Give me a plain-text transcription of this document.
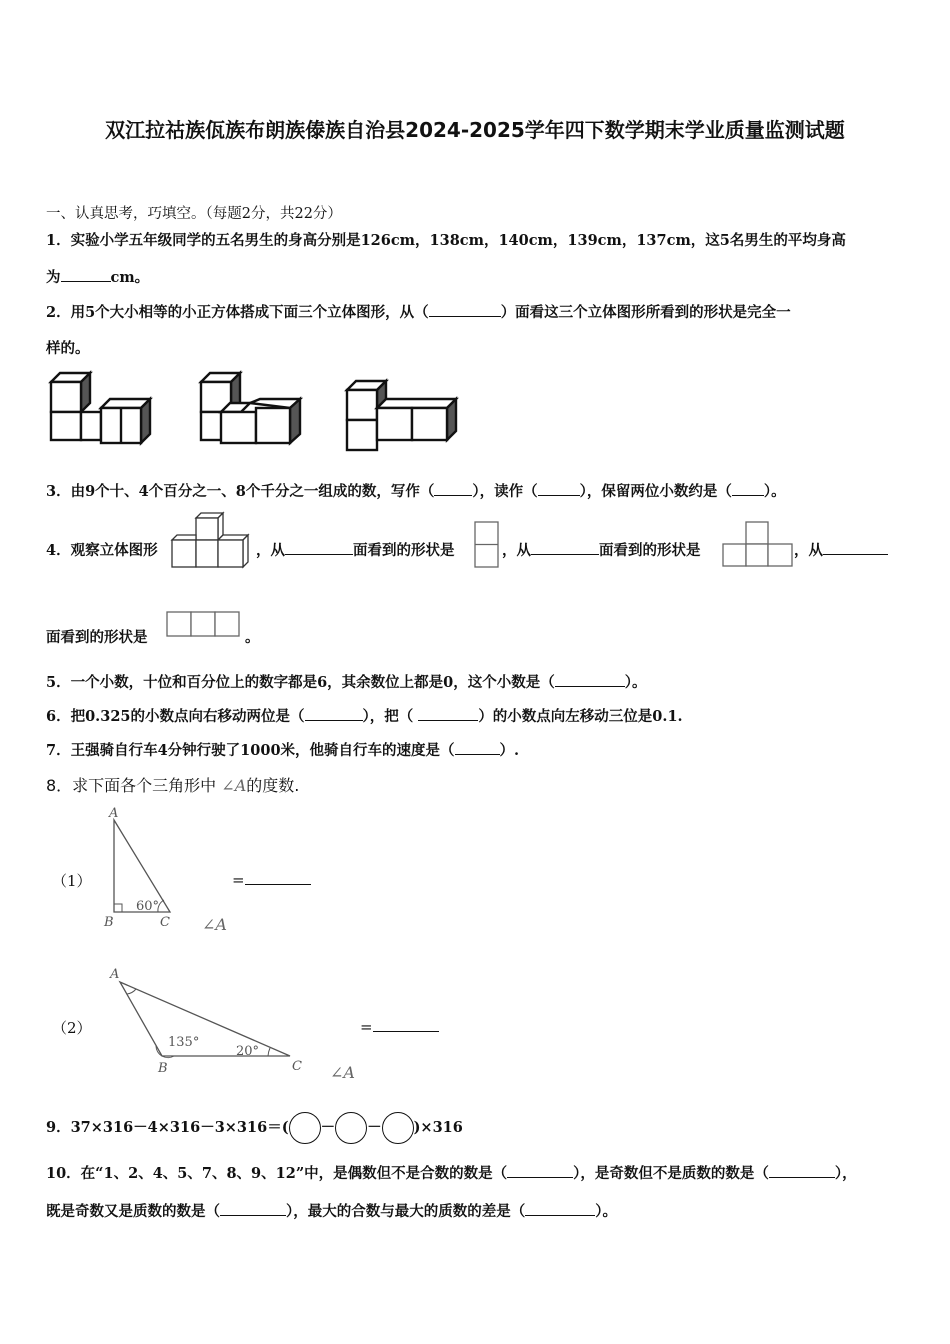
双江拉祜族佤族布朗族傣族自治县2024-2025学年四下数学期末学业质量监测试题
一、认真思考，巧填空。（每题2分，共22分）
1．实验小学五年级同学的五名男生的身高分别是126cm，138cm，140cm，139cm，137cm，这5名男生的平均身高
为	cm。
2．用5个大小相等的小正方体搭成下面三个立体图形，从（	）面看这三个立体图形所看到的形状是完全一
样的。
3．由9个十、4个百分之一、8个千分之一组成的数，写作（	），读作（	），保留两位小数约是（ ）。
4．观察立体图形	，从	面看到的形状是	，从	面看到的形状是	，从
面看到的形状是	。
5．一个小数，十位和百分位上的数字都是6，其余数位上都是0，这个小数是（	）。
6．把0.325的小数点向右移动两位是（	），把（	）的小数点向左移动三位是0.1.
7．王强骑自行车4分钟行驶了1000米，他骑自行车的速度是（	）.
8．求下面各个三角形中 ∠A的度数.
（1）
A
B	C
60°
=
∠A
（2）
A
B	C
135°
20°
=
∠A
9．37×316－4×316－3×316＝( － － )×316
10．在“1、2、4、5、7、8、9、12”中，是偶数但不是合数的数是（	），是奇数但不是质数的数是（	），
既是奇数又是质数的数是（	），最大的合数与最大的质数的差是（	）。
